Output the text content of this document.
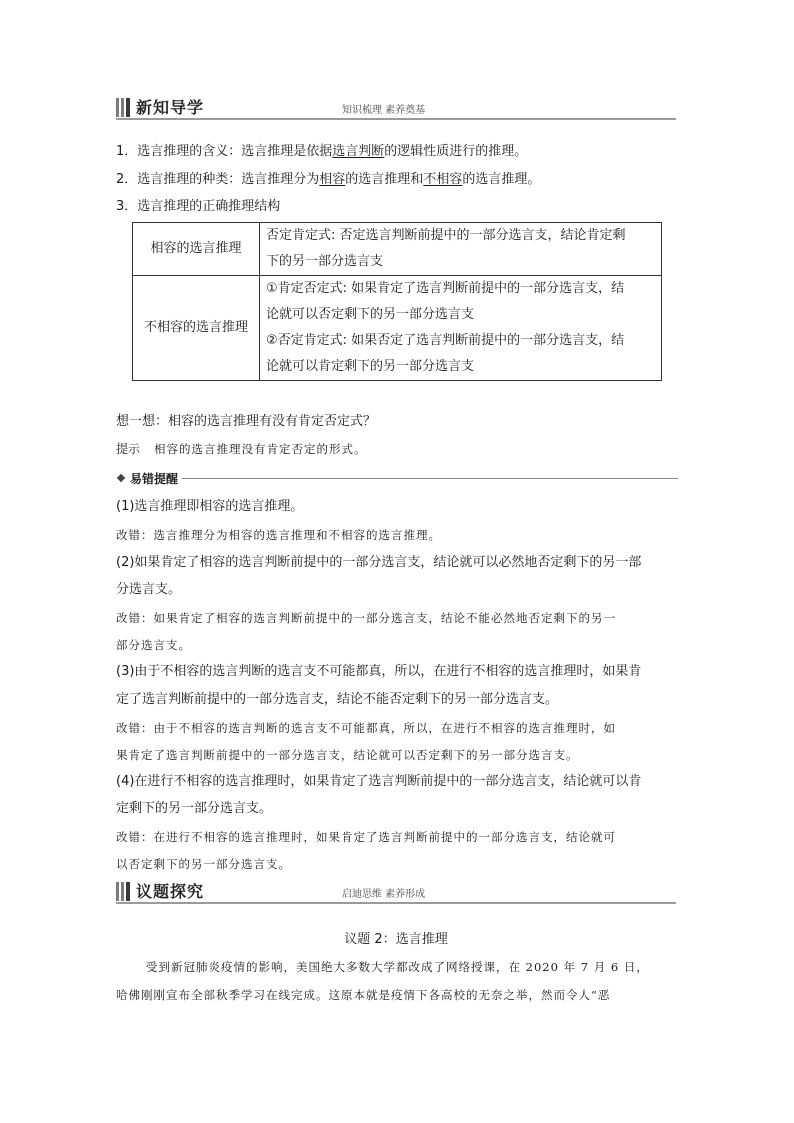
新知导学	知识梳理 素养奠基
1．选言推理的含义：选言推理是依据选言判断的逻辑性质进行的推理。
2．选言推理的种类：选言推理分为相容的选言推理和不相容的选言推理。
3．选言推理的正确推理结构
相容的选言推理	否定肯定式: 否定选言判断前提中的一部分选言支，结论肯定剩
下的另一部分选言支

不相容的选言推理	①肯定否定式: 如果肯定了选言判断前提中的一部分选言支，结
论就可以否定剩下的另一部分选言支
②否定肯定式: 如果否定了选言判断前提中的一部分选言支，结
论就可以肯定剩下的另一部分选言支
想一想：相容的选言推理有没有肯定否定式？
提示 相容的选言推理没有肯定否定的形式。
易错提醒
(1)选言推理即相容的选言推理。
改错：选言推理分为相容的选言推理和不相容的选言推理。
(2)如果肯定了相容的选言判断前提中的一部分选言支，结论就可以必然地否定剩下的另一部
分选言支。
改错：如果肯定了相容的选言判断前提中的一部分选言支，结论不能必然地否定剩下的另一
部分选言支。
(3)由于不相容的选言判断的选言支不可能都真，所以，在进行不相容的选言推理时，如果肯
定了选言判断前提中的一部分选言支，结论不能否定剩下的另一部分选言支。
改错：由于不相容的选言判断的选言支不可能都真，所以，在进行不相容的选言推理时，如
果肯定了选言判断前提中的一部分选言支，结论就可以否定剩下的另一部分选言支。
(4)在进行不相容的选言推理时，如果肯定了选言判断前提中的一部分选言支，结论就可以肯
定剩下的另一部分选言支。
改错：在进行不相容的选言推理时，如果肯定了选言判断前提中的一部分选言支，结论就可
以否定剩下的另一部分选言支。
议题探究	启迪思维 素养形成
议题 2：选言推理
受到新冠肺炎疫情的影响，美国绝大多数大学都改成了网络授课，在 2020 年 7 月 6 日，
哈佛刚刚宣布全部秋季学习在线完成。这原本就是疫情下各高校的无奈之举，然而令人“恶
